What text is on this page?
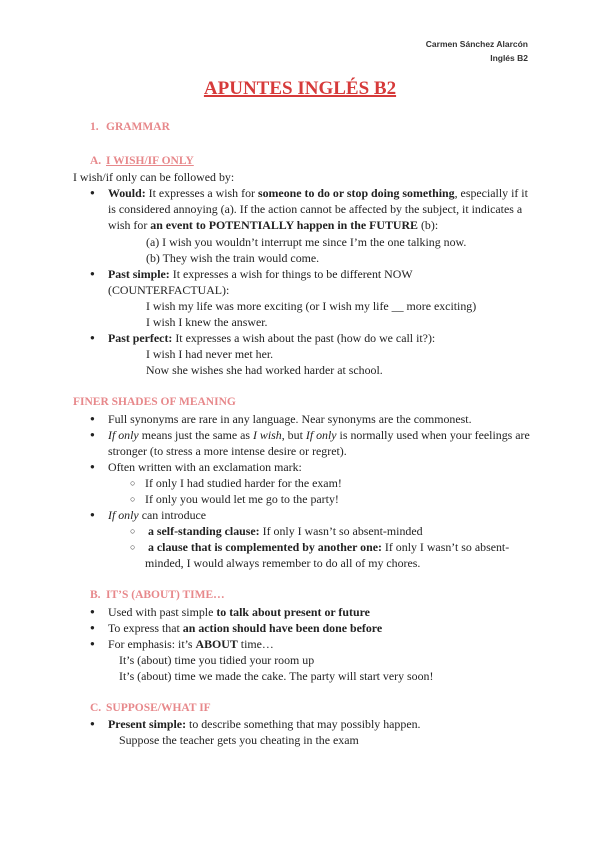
Carmen Sánchez Alarcón
Inglés B2
APUNTES INGLÉS B2

1. GRAMMAR

A. I WISH/IF ONLY

I wish/if only can be followed by:

● Would: It expresses a wish for someone to do or stop doing something, especially if it is considered annoying (a). If the action cannot be affected by the subject, it indicates a wish for an event to POTENTIALLY happen in the FUTURE (b):

(a) I wish you wouldn’t interrupt me since I’m the one talking now.

(b) They wish the train would come.

● Past simple: It expresses a wish for things to be different NOW (COUNTERFACTUAL):

I wish my life was more exciting (or I wish my life __ more exciting)

I wish I knew the answer.

● Past perfect: It expresses a wish about the past (how do we call it?):

I wish I had never met her.

Now she wishes she had worked harder at school.

FINER SHADES OF MEANING

● Full synonyms are rare in any language. Near synonyms are the commonest.

● If only means just the same as I wish, but If only is normally used when your feelings are stronger (to stress a more intense desire or regret).

● Often written with an exclamation mark:

○ If only I had studied harder for the exam!

○ If only you would let me go to the party!

● If only can introduce

○ a self-standing clause: If only I wasn’t so absent-minded

○ a clause that is complemented by another one: If only I wasn’t so absent-minded, I would always remember to do all of my chores.

B. IT’S (ABOUT) TIME…

● Used with past simple to talk about present or future

● To express that an action should have been done before

● For emphasis: it’s ABOUT time…

It’s (about) time you tidied your room up

It’s (about) time we made the cake. The party will start very soon!

C. SUPPOSE/WHAT IF

● Present simple: to describe something that may possibly happen.

Suppose the teacher gets you cheating in the exam
